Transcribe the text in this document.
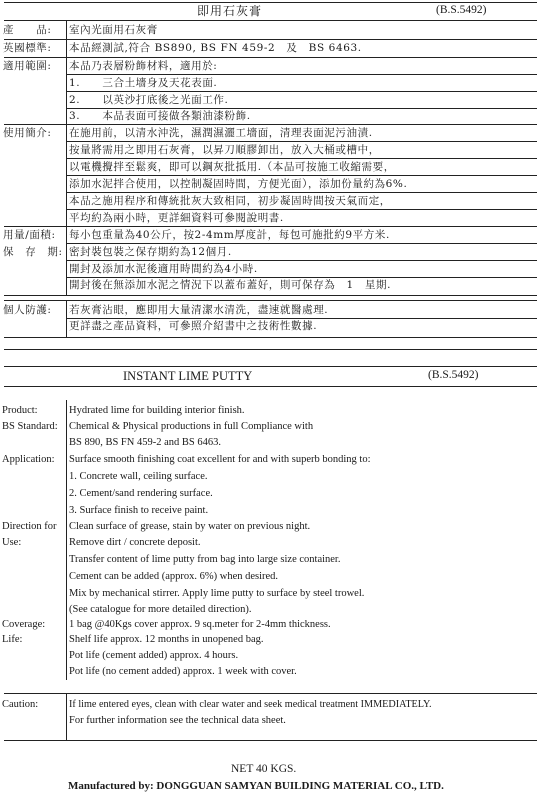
即用石灰膏	(B.S.5492)
產　　品: 室內光面用石灰膏
英國標準: 本品經測試,符合 BS890, BS FN 459-2　及　BS 6463.
適用範圍: 本品乃表層粉飾材料，適用於:
1.　　三合土墻身及天花表面.
2.　　以英沙打底後之光面工作.
3.　　本品表面可接做各類油漆粉飾.
使用簡介: 在施用前，以清水沖洗，濕潤濕灑工墻面，清理表面泥污油漬.
按量將需用之即用石灰膏，以昇刀順膠卸出，放入大桶或槽中，
以電機攪拌至鬆爽，即可以鋼灰批抵用.（本品可按施工收縮需要，
添加水泥拌合使用，以控制凝固時間，方便光面），添加份量約為6%.
本品之施用程序和傳統批灰大致相同，初步凝固時間按天氣而定，
平均約為兩小時，更詳細資料可參閱說明書.
用量/面積: 每小包重量為40公斤，按2-4mm厚度計，每包可施批約9平方米.
保　存　期: 密封裝包裝之保存期約為12個月.
開封及添加水泥後適用時間約為4小時.
開封後在無添加水泥之情況下以蓋布蓋好，則可保存為　1　星期.
個人防護: 若灰膏沾眼，應即用大量清潔水清洗，盡速就醫處理.
更詳盡之產品資料，可參照介紹書中之技術性數據.
INSTANT LIME PUTTY	(B.S.5492)
Product:	Hydrated lime for building interior finish.
BS Standard: Chemical & Physical productions in full Compliance with
BS 890, BS FN 459-2 and BS 6463.
Application: Surface smooth finishing coat excellent for and with superb bonding to:
1. Concrete wall, ceiling surface.
2. Cement/sand rendering surface.
3. Surface finish to receive paint.
Direction for
Use:
Clean surface of grease, stain by water on previous night.
Remove dirt / concrete deposit.
Transfer content of lime putty from bag into large size container.
Cement can be added (approx. 6%) when desired.
Mix by mechanical stirrer. Apply lime putty to surface by steel trowel.
(See catalogue for more detailed direction).
Coverage: 1 bag @40Kgs cover approx. 9 sq.meter for 2-4mm thickness.
Life:	Shelf life approx. 12 months in unopened bag.
Pot life (cement added) approx. 4 hours.
Pot life (no cement added) approx. 1 week with cover.
Caution:	If lime entered eyes, clean with clear water and seek medical treatment IMMEDIATELY.
For further information see the technical data sheet.
NET 40 KGS.
Manufactured by: DONGGUAN SAMYAN BUILDING MATERIAL CO., LTD.
